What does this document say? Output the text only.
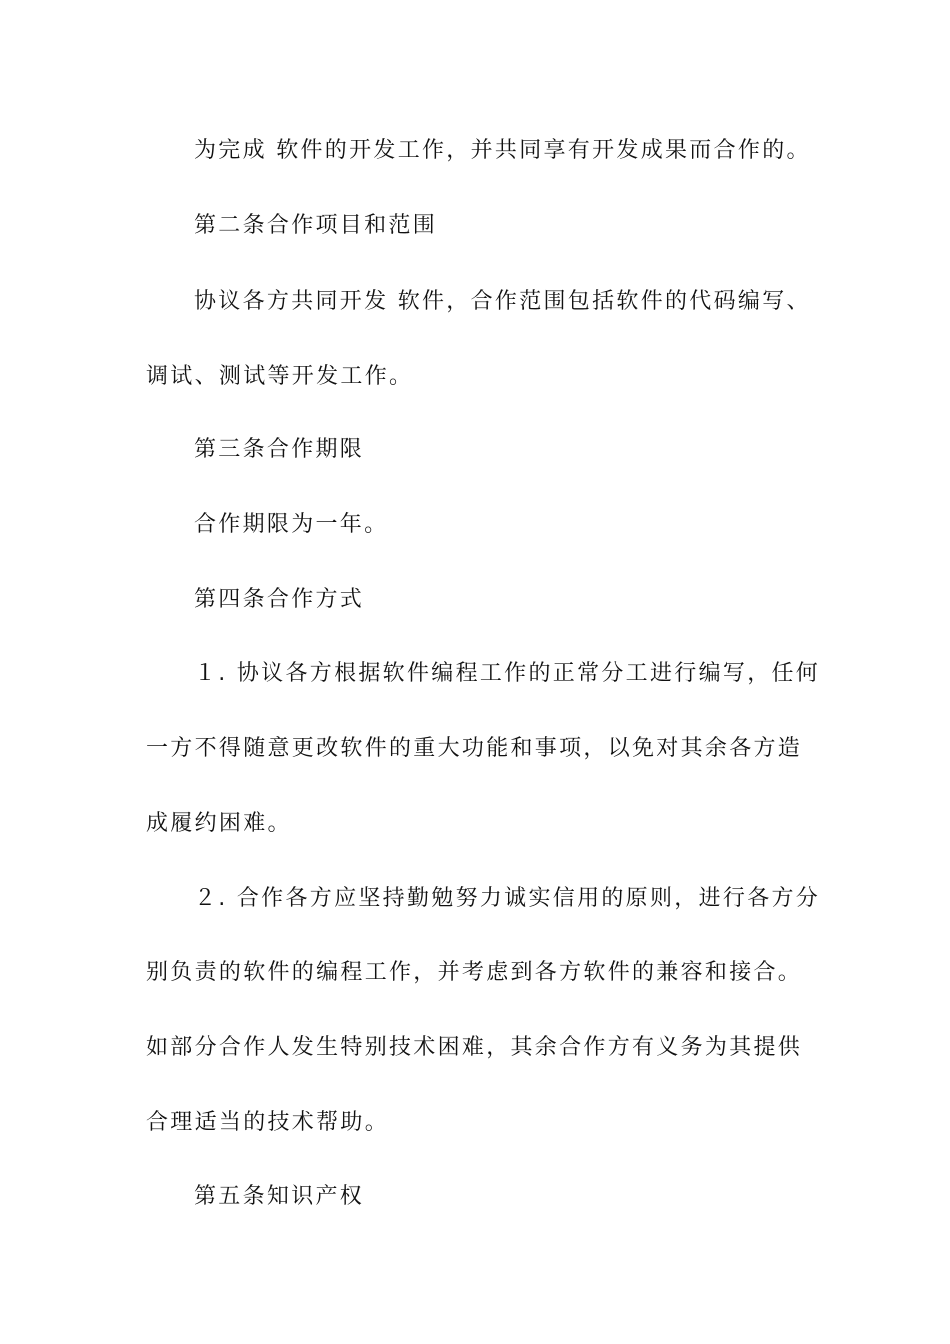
为完成 软件的开发工作，并共同享有开发成果而合作的。
第二条合作项目和范围
协议各方共同开发 软件，合作范围包括软件的代码编写、
调试、测试等开发工作。
第三条合作期限
合作期限为一年。
第四条合作方式
１. 协议各方根据软件编程工作的正常分工进行编写，任何
一方不得随意更改软件的重大功能和事项，以免对其余各方造
成履约困难。
２. 合作各方应坚持勤勉努力诚实信用的原则，进行各方分
别负责的软件的编程工作，并考虑到各方软件的兼容和接合。
如部分合作人发生特别技术困难，其余合作方有义务为其提供
合理适当的技术帮助。
第五条知识产权
